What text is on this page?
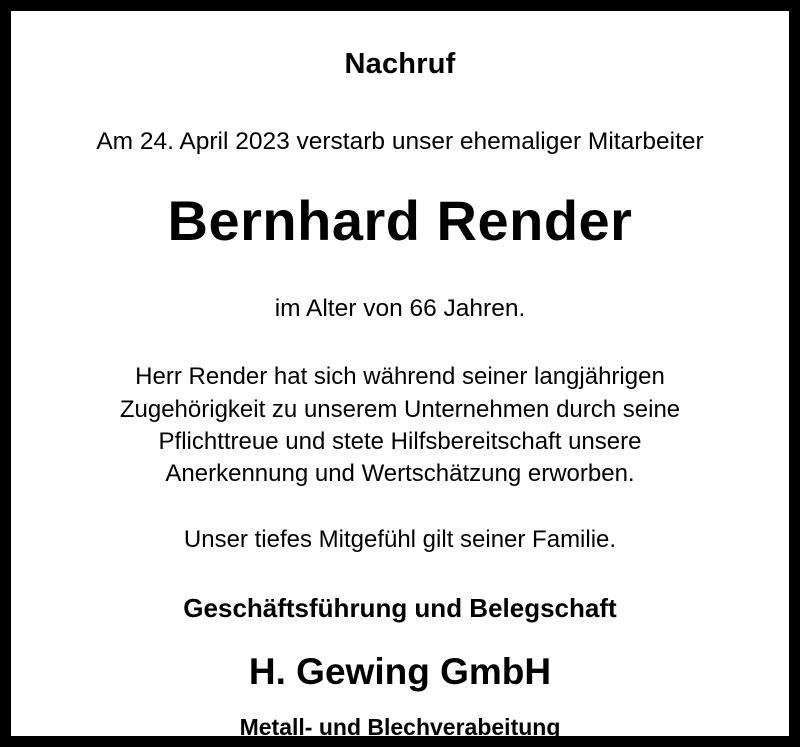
Nachruf
Am 24. April 2023 verstarb unser ehemaliger Mitarbeiter
Bernhard Render
im Alter von 66 Jahren.
Herr Render hat sich während seiner langjährigen
Zugehörigkeit zu unserem Unternehmen durch seine
Pflichttreue und stete Hilfsbereitschaft unsere
Anerkennung und Wertschätzung erworben.
Unser tiefes Mitgefühl gilt seiner Familie.
Geschäftsführung und Belegschaft
H. Gewing GmbH
Metall- und Blechverabeitung
